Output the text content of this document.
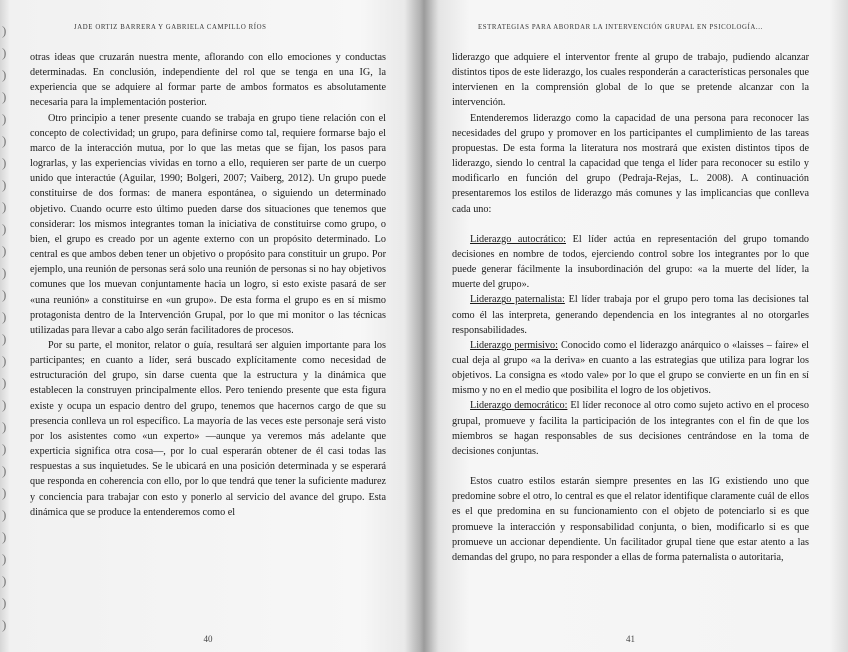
)
)
)
)
)
)
)
)
)
)
)
)
)
)
)
)
)
)
)
)
)
)
)
)
)
)
)
)
JADE ORTIZ BARRERA Y GABRIELA CAMPILLO RÍOS

otras ideas que cruzarán nuestra mente, aflorando con ello emociones y conductas determinadas. En conclusión, independiente del rol que se tenga en una IG, la experiencia que se adquiere al formar parte de ambos formatos es absolutamente necesaria para la implementación posterior.

Otro principio a tener presente cuando se trabaja en grupo tiene relación con el concepto de colectividad; un grupo, para definirse como tal, requiere formarse bajo el marco de la interacción mutua, por lo que las metas que se fijan, los pasos para lograrlas, y las experiencias vividas en torno a ello, requieren ser parte de un cuerpo unido que interactúe (Aguilar, 1990; Bolgeri, 2007; Vaiberg, 2012). Un grupo puede constituirse de dos formas: de manera espontánea, o siguiendo un determinado objetivo. Cuando ocurre esto último pueden darse dos situaciones que tenemos que considerar: los mismos integrantes toman la iniciativa de constituirse como grupo, o bien, el grupo es creado por un agente externo con un propósito determinado. Lo central es que ambos deben tener un objetivo o propósito para constituir un grupo. Por ejemplo, una reunión de personas será solo una reunión de personas si no hay objetivos comunes que los muevan conjuntamente hacia un logro, si esto existe pasará de ser «una reunión» a constituirse en «un grupo». De esta forma el grupo es en sí mismo protagonista dentro de la Intervención Grupal, por lo que mi monitor o las técnicas utilizadas para llevar a cabo algo serán facilitadores de procesos.

Por su parte, el monitor, relator o guía, resultará ser alguien importante para los participantes; en cuanto a líder, será buscado explícitamente como necesidad de estructuración del grupo, sin darse cuenta que la estructura y la dinámica que establecen la construyen principalmente ellos. Pero teniendo presente que esta figura existe y ocupa un espacio dentro del grupo, tenemos que hacernos cargo de que su presencia conlleva un rol específico. La mayoría de las veces este personaje será visto por los asistentes como «un experto» —aunque ya veremos más adelante que experticia significa otra cosa—, por lo cual esperarán obtener de él casi todas las respuestas a sus inquietudes. Se le ubicará en una posición determinada y se esperará que responda en coherencia con ello, por lo que tendrá que tener la suficiente madurez y conciencia para trabajar con esto y ponerlo al servicio del avance del grupo. Esta dinámica que se produce la entenderemos como el

40
ESTRATEGIAS PARA ABORDAR LA INTERVENCIÓN GRUPAL EN PSICOLOGÍA...

liderazgo que adquiere el interventor frente al grupo de trabajo, pudiendo alcanzar distintos tipos de este liderazgo, los cuales responderán a características personales que intervienen en la comprensión global de lo que se pretende alcanzar con la intervención.

Entenderemos liderazgo como la capacidad de una persona para reconocer las necesidades del grupo y promover en los participantes el cumplimiento de las tareas propuestas. De esta forma la literatura nos mostrará que existen distintos tipos de liderazgo, siendo lo central la capacidad que tenga el líder para reconocer su estilo y modificarlo en función del grupo (Pedraja-Rejas, L. 2008). A continuación presentaremos los estilos de liderazgo más comunes y las implicancias que conlleva cada uno:

Liderazgo autocrático: El líder actúa en representación del grupo tomando decisiones en nombre de todos, ejerciendo control sobre los integrantes por lo que puede generar fácilmente la insubordinación del grupo: «a la muerte del líder, la muerte del grupo».

Liderazgo paternalista: El líder trabaja por el grupo pero toma las decisiones tal como él las interpreta, generando dependencia en los integrantes al no otorgarles responsabilidades.

Liderazgo permisivo: Conocido como el liderazgo anárquico o «laisses – faire» el cual deja al grupo «a la deriva» en cuanto a las estrategias que utiliza para lograr los objetivos. La consigna es «todo vale» por lo que el grupo se convierte en un fin en sí mismo y no en el medio que posibilita el logro de los objetivos.

Liderazgo democrático: El líder reconoce al otro como sujeto activo en el proceso grupal, promueve y facilita la participación de los integrantes con el fin de que los miembros se hagan responsables de sus decisiones centrándose en la toma de decisiones conjuntas.

Estos cuatro estilos estarán siempre presentes en las IG existiendo uno que predomine sobre el otro, lo central es que el relator identifique claramente cuál de ellos es el que predomina en su funcionamiento con el objeto de potenciarlo si es que promueve la interacción y responsabilidad conjunta, o bien, modificarlo si es que promueve un accionar dependiente. Un facilitador grupal tiene que estar atento a las demandas del grupo, no para responder a ellas de forma paternalista o autoritaria,

41
